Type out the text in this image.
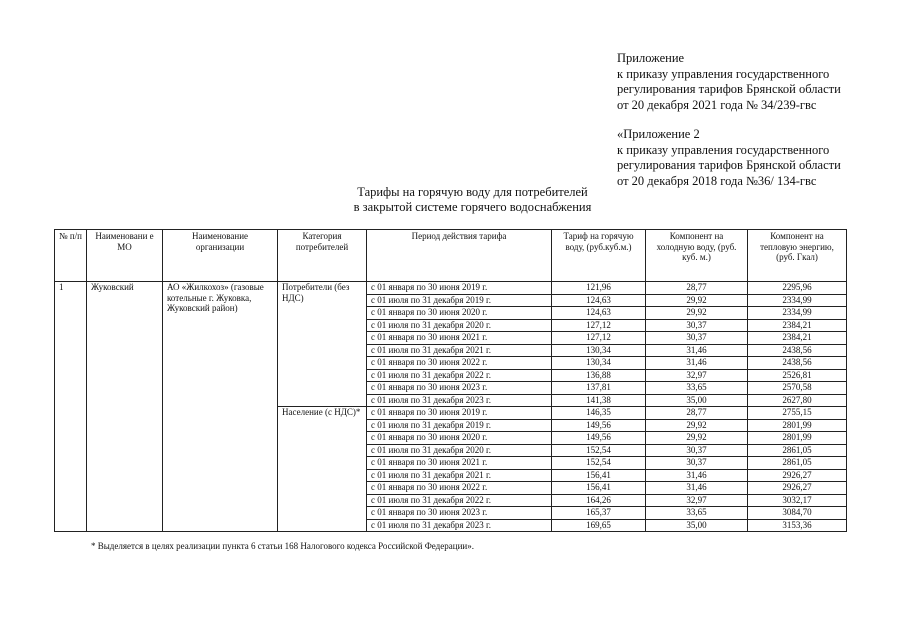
Приложение
к приказу управления государственного
регулирования тарифов Брянской области
от 20 декабря 2021 года № 34/239-гвс
«Приложение 2
к приказу управления государственного
регулирования тарифов Брянской области
от 20 декабря 2018 года №36/ 134-гвс
Тарифы на горячую воду для потребителей
в закрытой системе горячего водоснабжения
№ п/п	Наименовани е МО	Наименование организации	Категория потребителей	Период действия тарифа	Тариф на горячую воду, (руб.куб.м.)	Компонент на холодную воду, (руб. куб. м.)	Компонент на тепловую энергию, (руб. Гкал)
1	Жуковский	АО «Жилкохоз» (газовые котельные г. Жуковка, Жуковский район)	Потребители (без НДС)	с 01 января по 30 июня 2019 г.	121,96	28,77	2295,96
				с 01 июля по 31 декабря 2019 г.	124,63	29,92	2334,99
				с 01 января по 30 июня 2020 г.	124,63	29,92	2334,99
				с 01 июля по 31 декабря 2020 г.	127,12	30,37	2384,21
				с 01 января по 30 июня 2021 г.	127,12	30,37	2384,21
				с 01 июля по 31 декабря 2021 г.	130,34	31,46	2438,56
				с 01 января по 30 июня 2022 г.	130,34	31,46	2438,56
				с 01 июля по 31 декабря 2022 г.	136,88	32,97	2526,81
				с 01 января по 30 июня 2023 г.	137,81	33,65	2570,58
				с 01 июля по 31 декабря 2023 г.	141,38	35,00	2627,80
			Население (с НДС)*	с 01 января по 30 июня 2019 г.	146,35	28,77	2755,15
				с 01 июля по 31 декабря 2019 г.	149,56	29,92	2801,99
				с 01 января по 30 июня 2020 г.	149,56	29,92	2801,99
				с 01 июля по 31 декабря 2020 г.	152,54	30,37	2861,05
				с 01 января по 30 июня 2021 г.	152,54	30,37	2861,05
				с 01 июля по 31 декабря 2021 г.	156,41	31,46	2926,27
				с 01 января по 30 июня 2022 г.	156,41	31,46	2926,27
				с 01 июля по 31 декабря 2022 г.	164,26	32,97	3032,17
				с 01 января по 30 июня 2023 г.	165,37	33,65	3084,70
				с 01 июля по 31 декабря 2023 г.	169,65	35,00	3153,36
* Выделяется в целях реализации пункта 6 статьи 168 Налогового кодекса Российской Федерации».
